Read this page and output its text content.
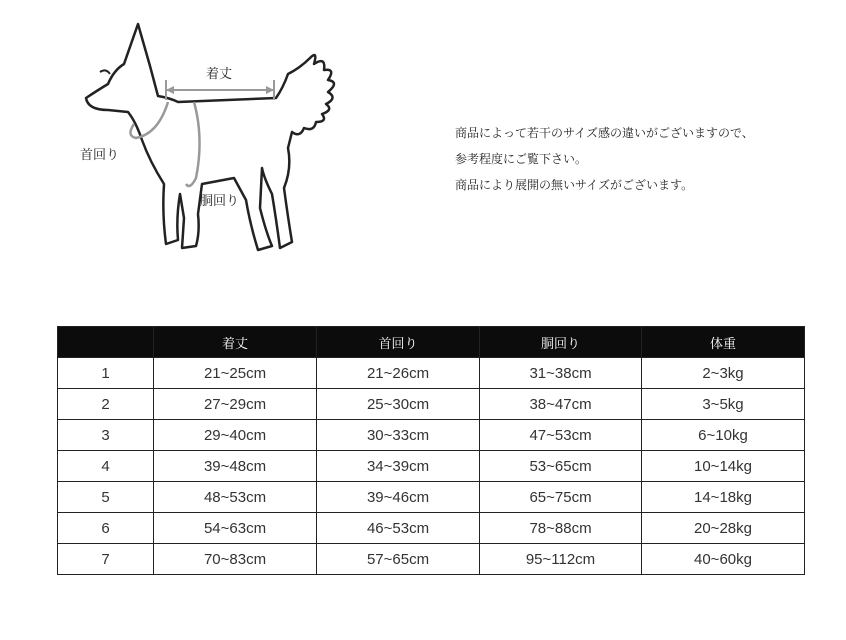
着丈
首回り
胴回り
商品によって若干のサイズ感の違いがございますので、
参考程度にご覧下さい。
商品により展開の無いサイズがございます。
	着丈	首回り	胴回り	体重
1	21~25cm	21~26cm	31~38cm	2~3kg
2	27~29cm	25~30cm	38~47cm	3~5kg
3	29~40cm	30~33cm	47~53cm	6~10kg
4	39~48cm	34~39cm	53~65cm	10~14kg
5	48~53cm	39~46cm	65~75cm	14~18kg
6	54~63cm	46~53cm	78~88cm	20~28kg
7	70~83cm	57~65cm	95~112cm	40~60kg
